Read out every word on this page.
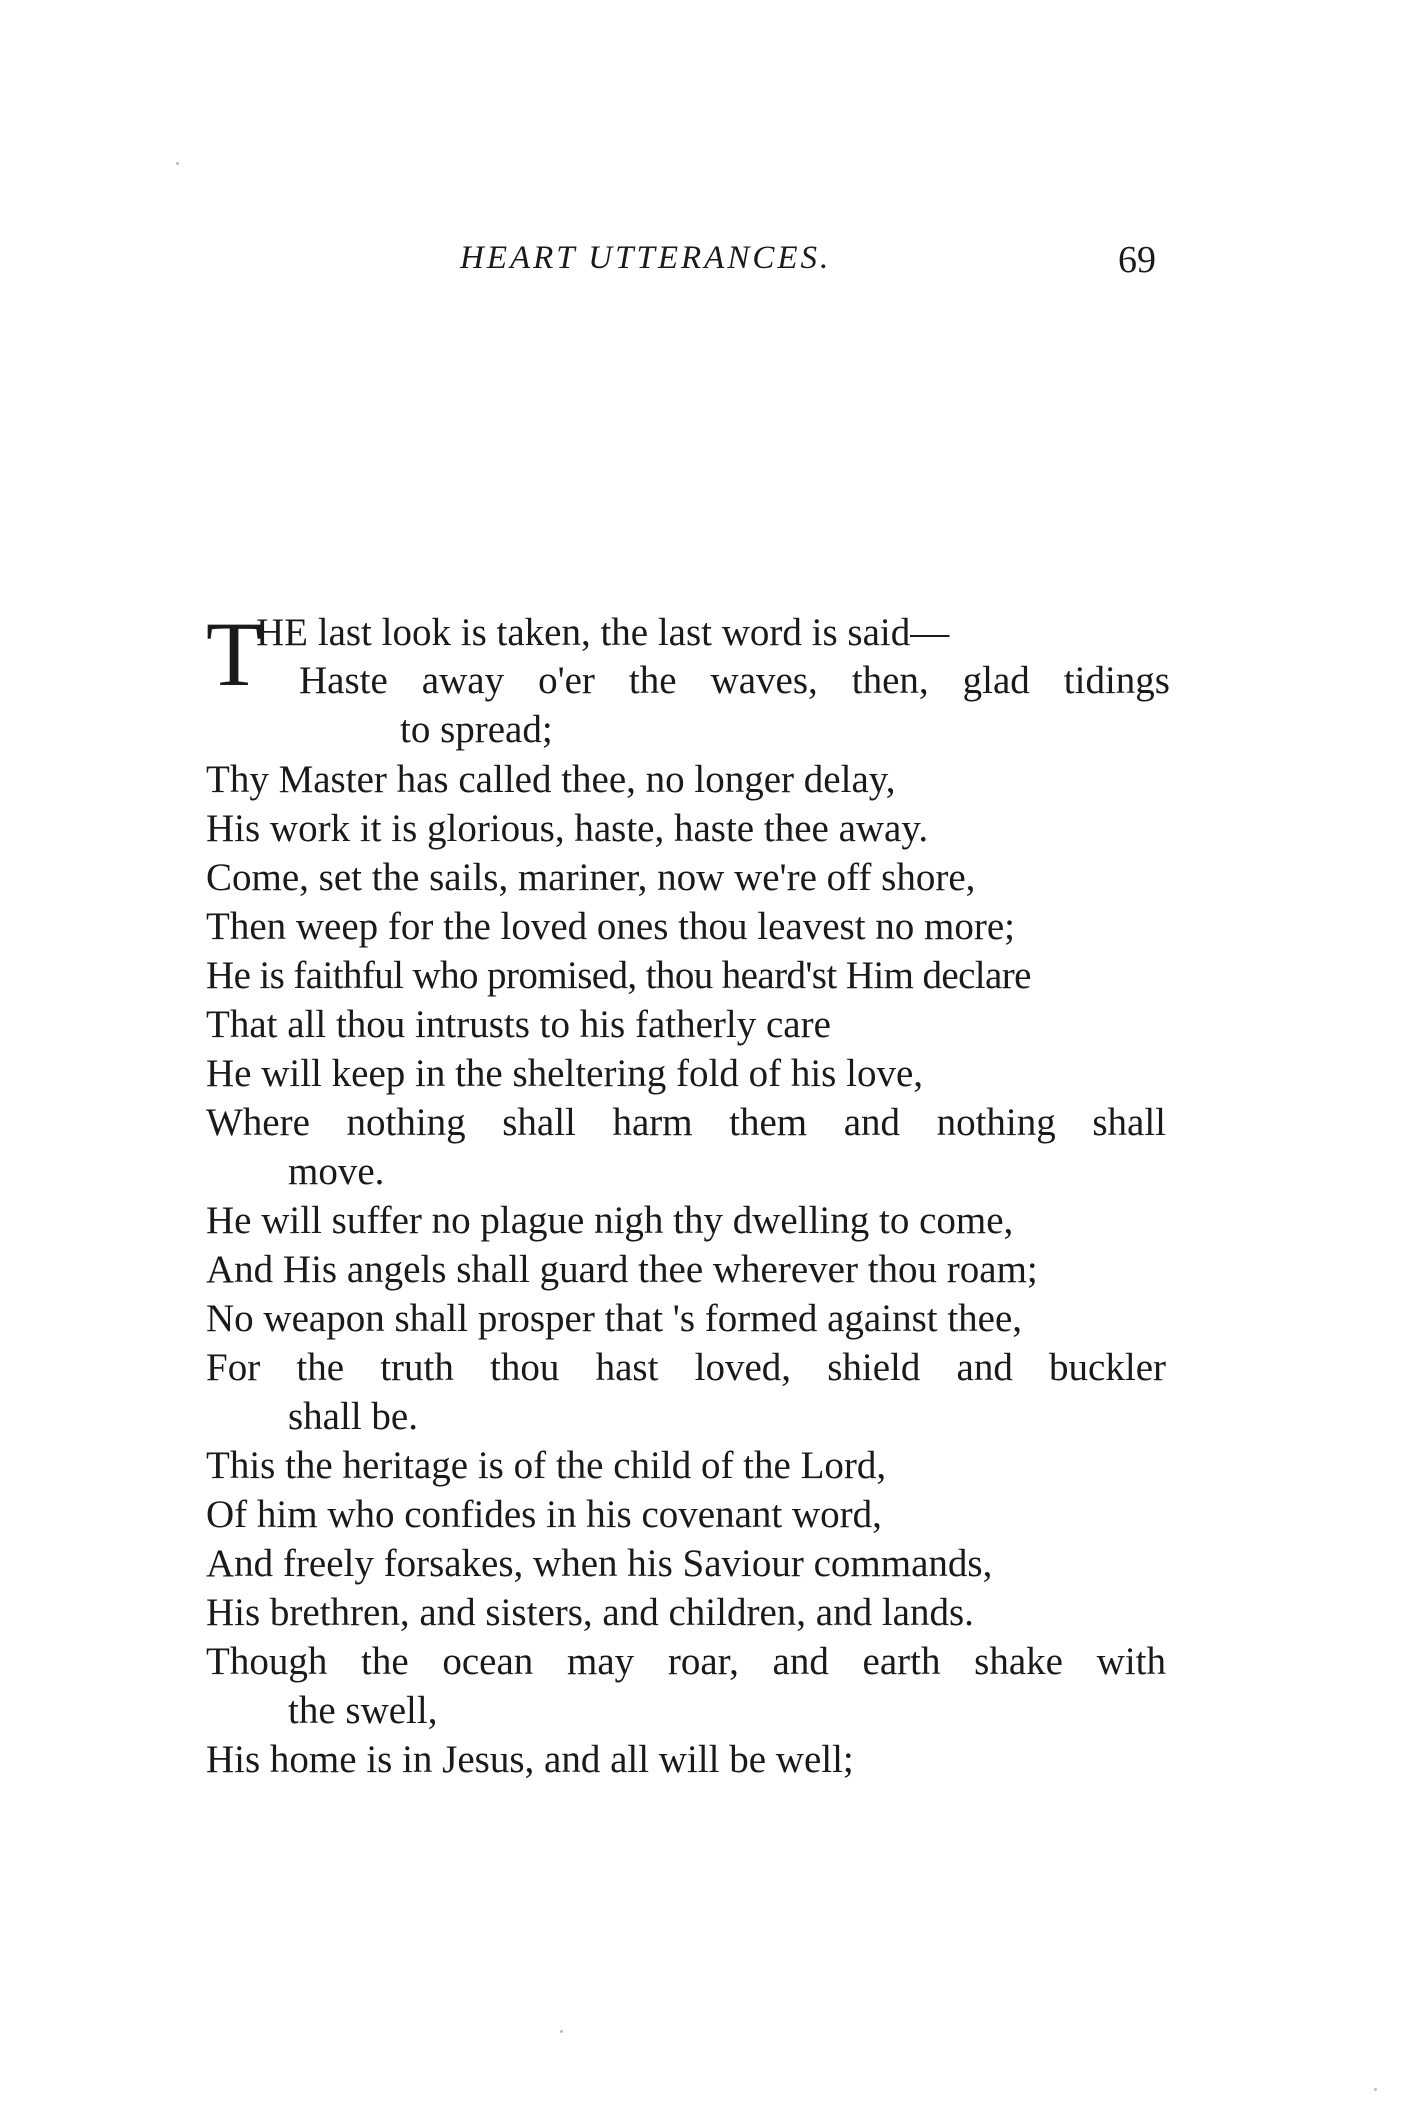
HEART UTTERANCES.	69
T
HE last look is taken, the last word is said—
Haste away o'er the waves, then, glad tidings
to spread;
Thy Master has called thee, no longer delay,
His work it is glorious, haste, haste thee away.
Come, set the sails, mariner, now we're off shore,
Then weep for the loved ones thou leavest no more;
He is faithful who promised, thou heard'st Him declare
That all thou intrusts to his fatherly care
He will keep in the sheltering fold of his love,
Where nothing shall harm them and nothing shall
move.
He will suffer no plague nigh thy dwelling to come,
And His angels shall guard thee wherever thou roam;
No weapon shall prosper that 's formed against thee,
For the truth thou hast loved, shield and buckler
shall be.
This the heritage is of the child of the Lord,
Of him who confides in his covenant word,
And freely forsakes, when his Saviour commands,
His brethren, and sisters, and children, and lands.
Though the ocean may roar, and earth shake with
the swell,
His home is in Jesus, and all will be well;
